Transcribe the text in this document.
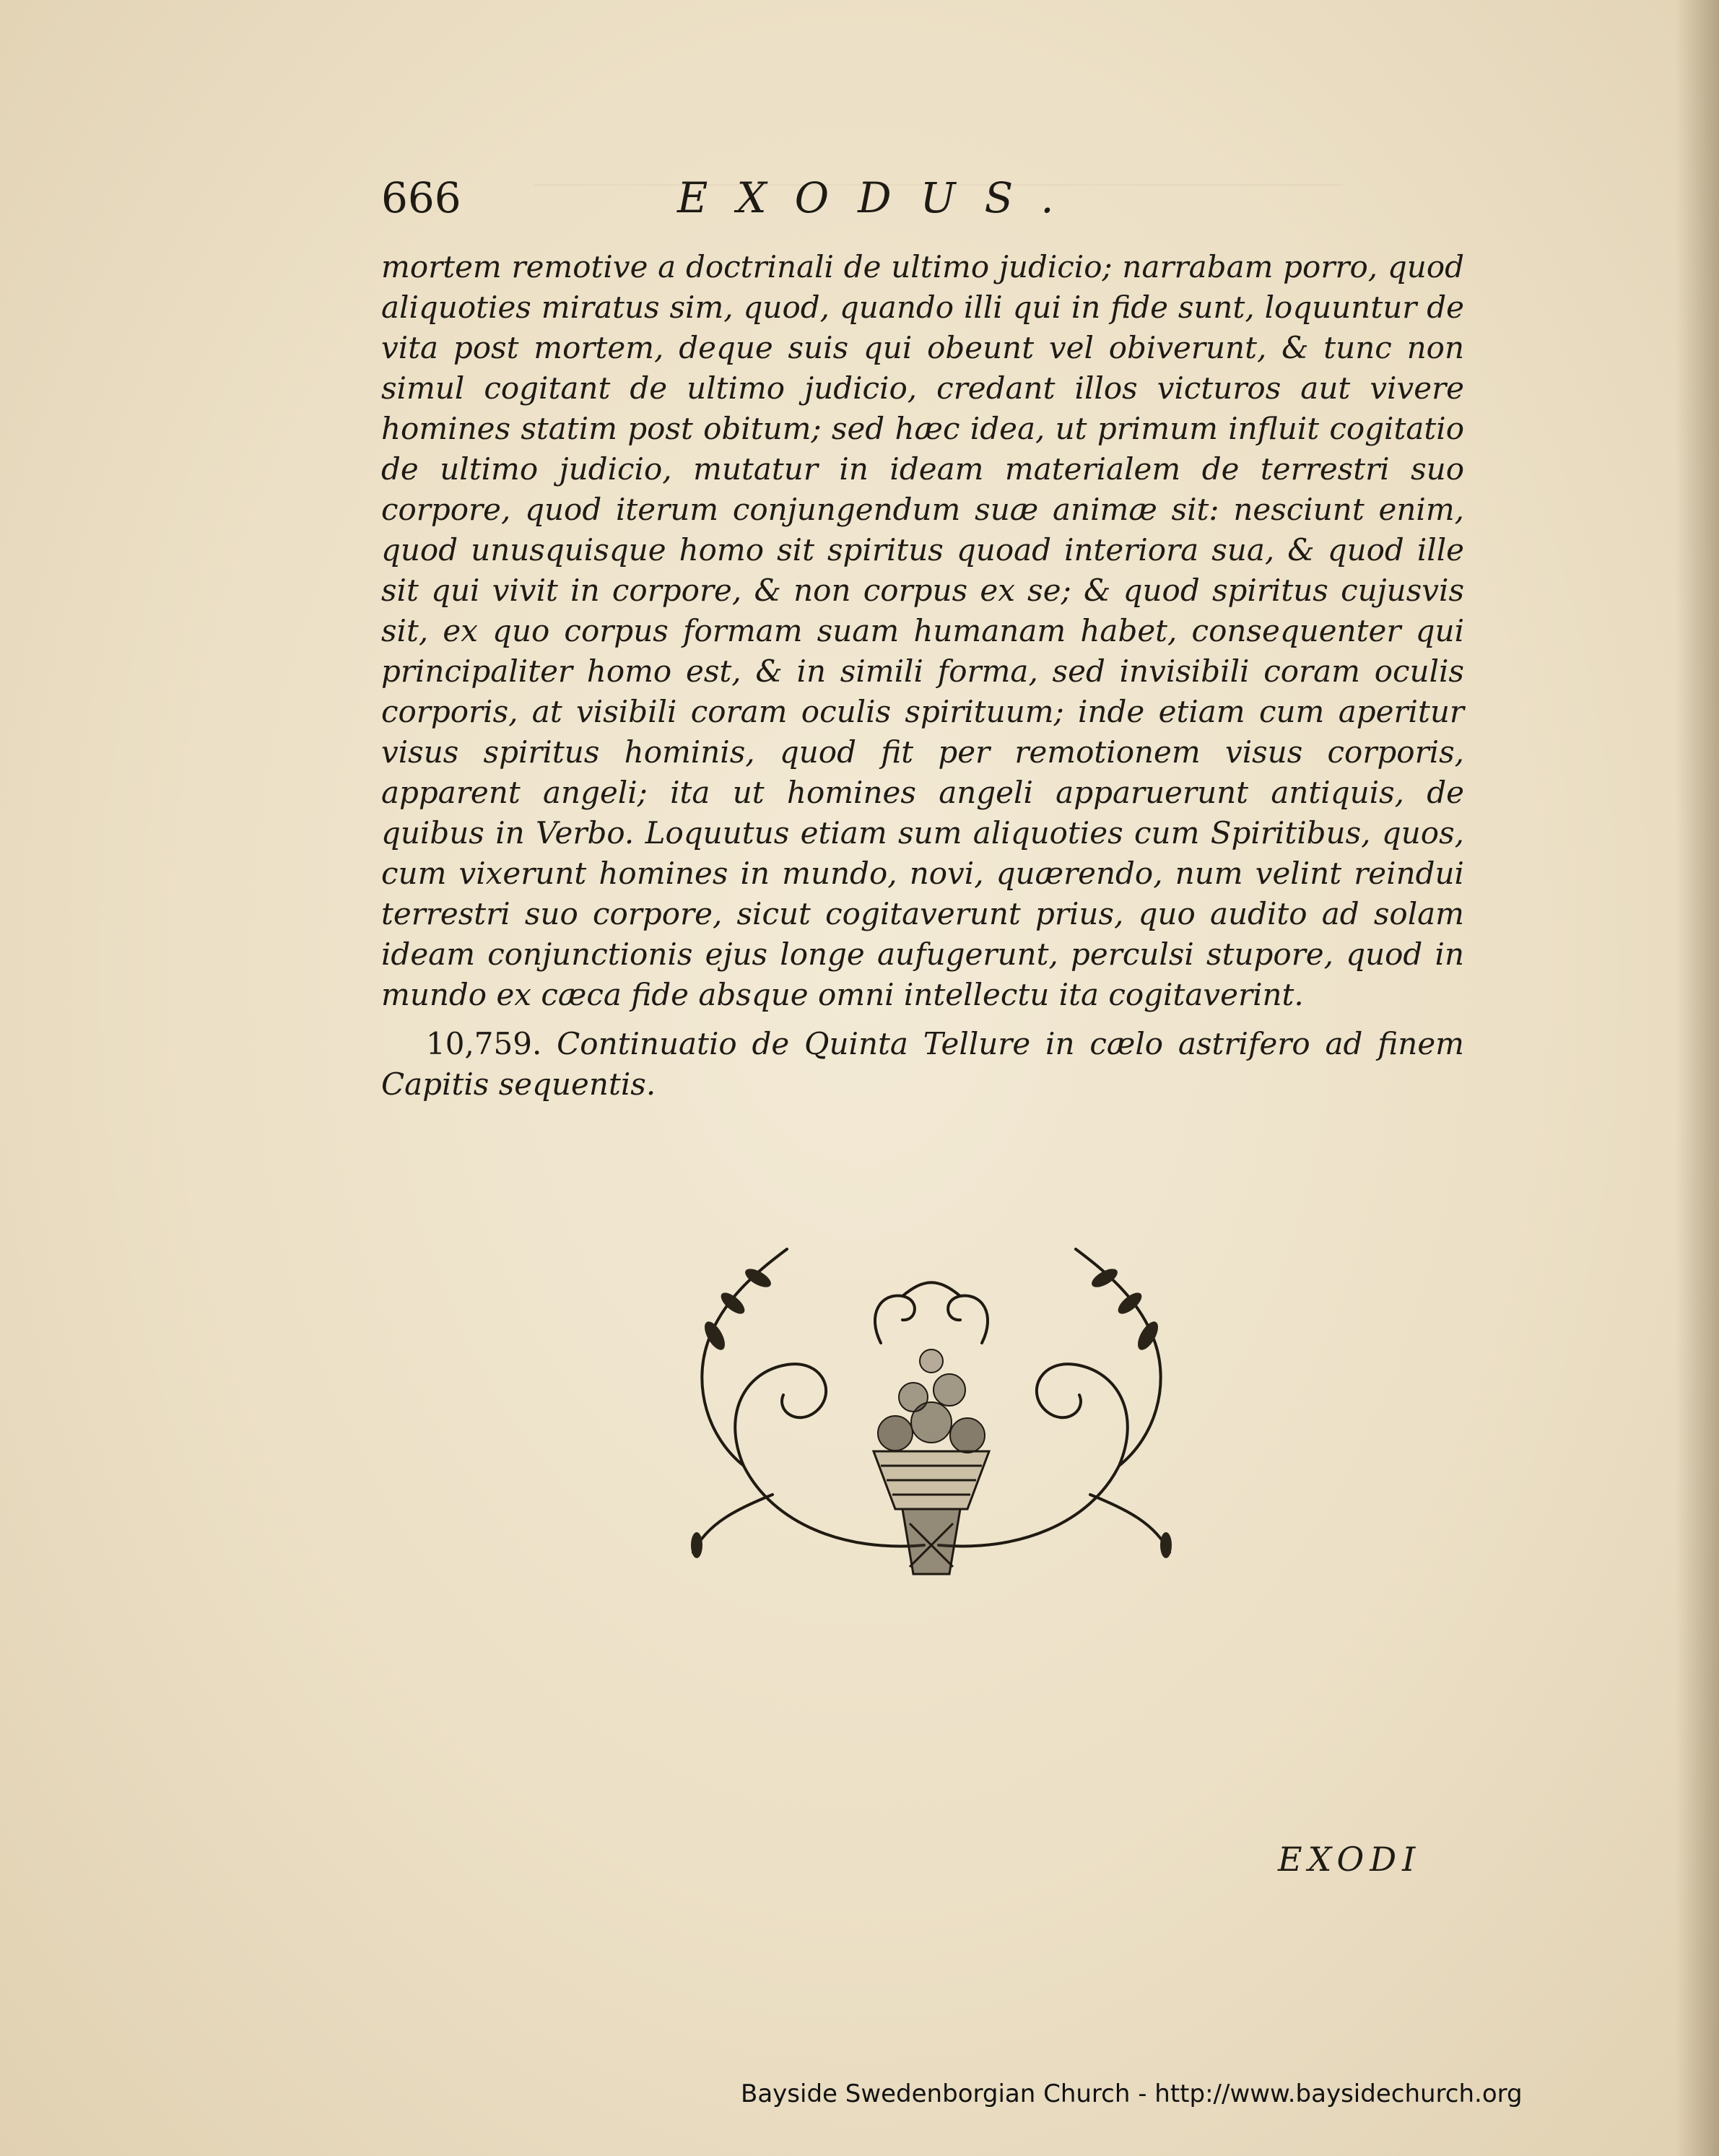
666	EXODUS.

mortem remotive a doctrinali de ultimo judicio; narrabam porro, quod aliquoties miratus sim, quod, quando illi qui in fide sunt, loquuntur de vita post mortem, deque suis qui obeunt vel obiverunt, & tunc non simul cogitant de ultimo judicio, credant illos victuros aut vivere homines statim post obitum; sed hæc idea, ut primum influit cogitatio de ultimo judicio, mutatur in ideam materialem de terrestri suo corpore, quod iterum conjungendum suæ animæ sit: nesciunt enim, quod unusquisque homo sit spiritus quoad interiora sua, & quod ille sit qui vivit in corpore, & non corpus ex se; & quod spiritus cujusvis sit, ex quo corpus formam suam humanam habet, consequenter qui principaliter homo est, & in simili forma, sed invisibili coram oculis corporis, at visibili coram oculis spirituum; inde etiam cum aperitur visus spiritus hominis, quod fit per remotionem visus corporis, apparent angeli; ita ut homines angeli apparuerunt antiquis, de quibus in Verbo. Loquutus etiam sum aliquoties cum Spiritibus, quos, cum vixerunt homines in mundo, novi, quærendo, num velint reindui terrestri suo corpore, sicut cogitaverunt prius, quo audito ad solam ideam conjunctionis ejus longe aufugerunt, perculsi stupore, quod in mundo ex cæca fide absque omni intellectu ita cogitaverint.

10,759. Continuatio de Quinta Tellure in cælo astrifero ad finem Capitis sequentis.

EXODI
Bayside Swedenborgian Church - http://www.baysidechurch.org
